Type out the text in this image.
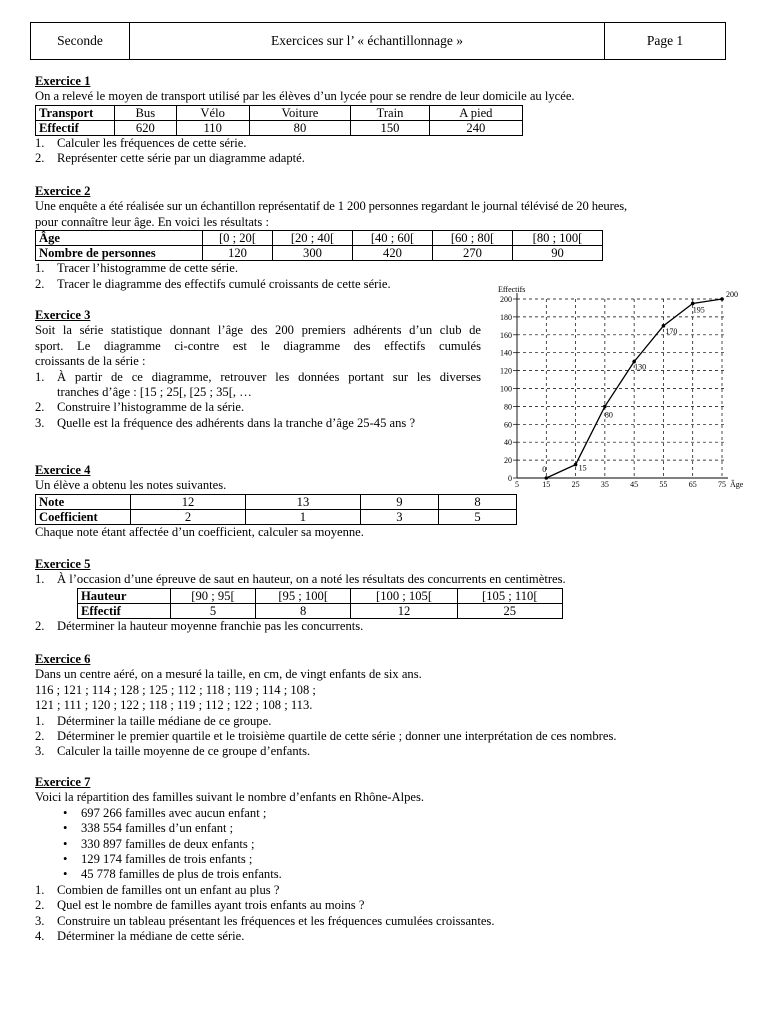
Seconde	Exercices sur l’ « échantillonnage »	Page 1
Exercice 1
On a relevé le moyen de transport utilisé par les élèves d’un lycée pour se rendre de leur domicile au lycée.
Transport	Bus	Vélo	Voiture	Train	A pied
Effectif	620	110	80	150	240
1. Calculer les fréquences de cette série.
2. Représenter cette série par un diagramme adapté.
Exercice 2
Une enquête a été réalisée sur un échantillon représentatif de 1 200 personnes regardant le journal télévisé de 20 heures,
pour connaître leur âge. En voici les résultats :
Âge	[0 ; 20[	[20 ; 40[	[40 ; 60[	[60 ; 80[	[80 ; 100[
Nombre de personnes	120	300	420	270	90
1. Tracer l’histogramme de cette série.
2. Tracer le diagramme des effectifs cumulé croissants de cette série.
Exercice 3
Soit la série statistique donnant l’âge des 200 premiers adhérents d’un club de
sport. Le diagramme ci-contre est le diagramme des effectifs cumulés
croissants de la série :
1. À partir de ce diagramme, retrouver les données portant sur les diverses
tranches d’âge : [15 ; 25[, [25 ; 35[, …
2. Construire l’histogramme de la série.
3. Quelle est la fréquence des adhérents dans la tranche d’âge 25-45 ans ?
0
20
40
60
80
100
120
140
160
180
200
5	15	25	35	45	55	65	75
Effectifs
Âge
0	15
80
130
170
195
200
Exercice 4
Un élève a obtenu les notes suivantes.
Note	12	13	9	8
Coefficient	2	1	3	5
Chaque note étant affectée d’un coefficient, calculer sa moyenne.
Exercice 5
1. À l’occasion d’une épreuve de saut en hauteur, on a noté les résultats des concurrents en centimètres.
Hauteur	[90 ; 95[	[95 ; 100[	[100 ; 105[	[105 ; 110[
Effectif	5	8	12	25
2. Déterminer la hauteur moyenne franchie pas les concurrents.
Exercice 6
Dans un centre aéré, on a mesuré la taille, en cm, de vingt enfants de six ans.
116 ; 121 ; 114 ; 128 ; 125 ; 112 ; 118 ; 119 ; 114 ; 108 ;
121 ; 111 ; 120 ; 122 ; 118 ; 119 ; 112 ; 122 ; 108 ; 113.
1. Déterminer la taille médiane de ce groupe.
2. Déterminer le premier quartile et le troisième quartile de cette série ; donner une interprétation de ces nombres.
3. Calculer la taille moyenne de ce groupe d’enfants.
Exercice 7
Voici la répartition des familles suivant le nombre d’enfants en Rhône-Alpes.
•	697 266 familles avec aucun enfant ;
•	338 554 familles d’un enfant ;
•	330 897 familles de deux enfants ;
•	129 174 familles de trois enfants ;
•	45 778 familles de plus de trois enfants.
1. Combien de familles ont un enfant au plus ?
2. Quel est le nombre de familles ayant trois enfants au moins ?
3. Construire un tableau présentant les fréquences et les fréquences cumulées croissantes.
4. Déterminer la médiane de cette série.
